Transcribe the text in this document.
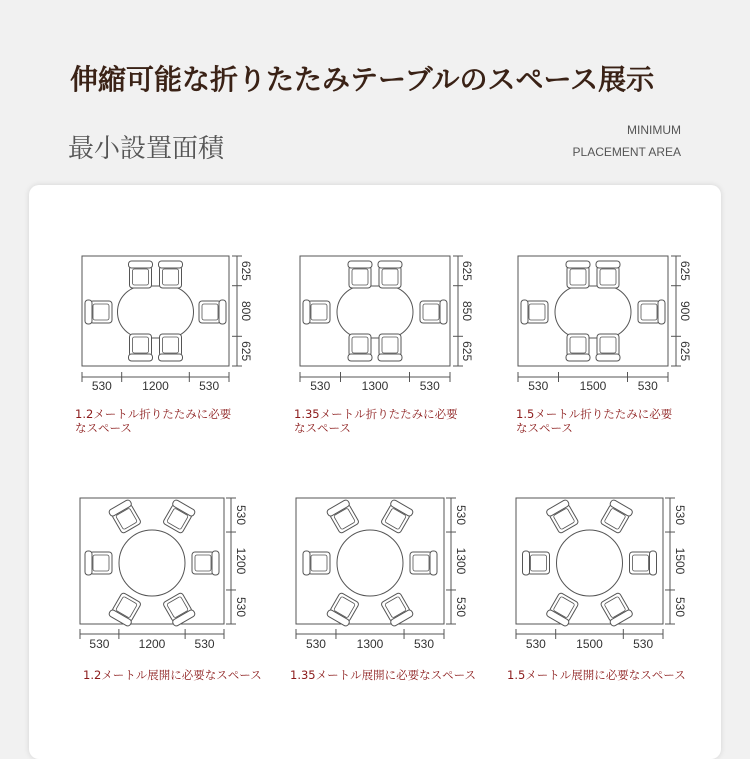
伸縮可能な折りたたみテーブルのスペース展示
最小設置面積
MINIMUM
PLACEMENT AREA
530	1200	530
625
800
625
530	1300	530
625
850
625
530	1500	530
625
900
625
530 1200 530
530
1200
530
530	1300	530
530
1300
530
530	1500	530
530
1500
530
1.2メートル折りたたみに必要
なスペース
1.35メートル折りたたみに必要
なスペース
1.5メートル折りたたみに必要
なスペース
1.2メートル展開に必要なスペース 1.35メートル展開に必要なスペース	1.5メートル展開に必要なスペース
